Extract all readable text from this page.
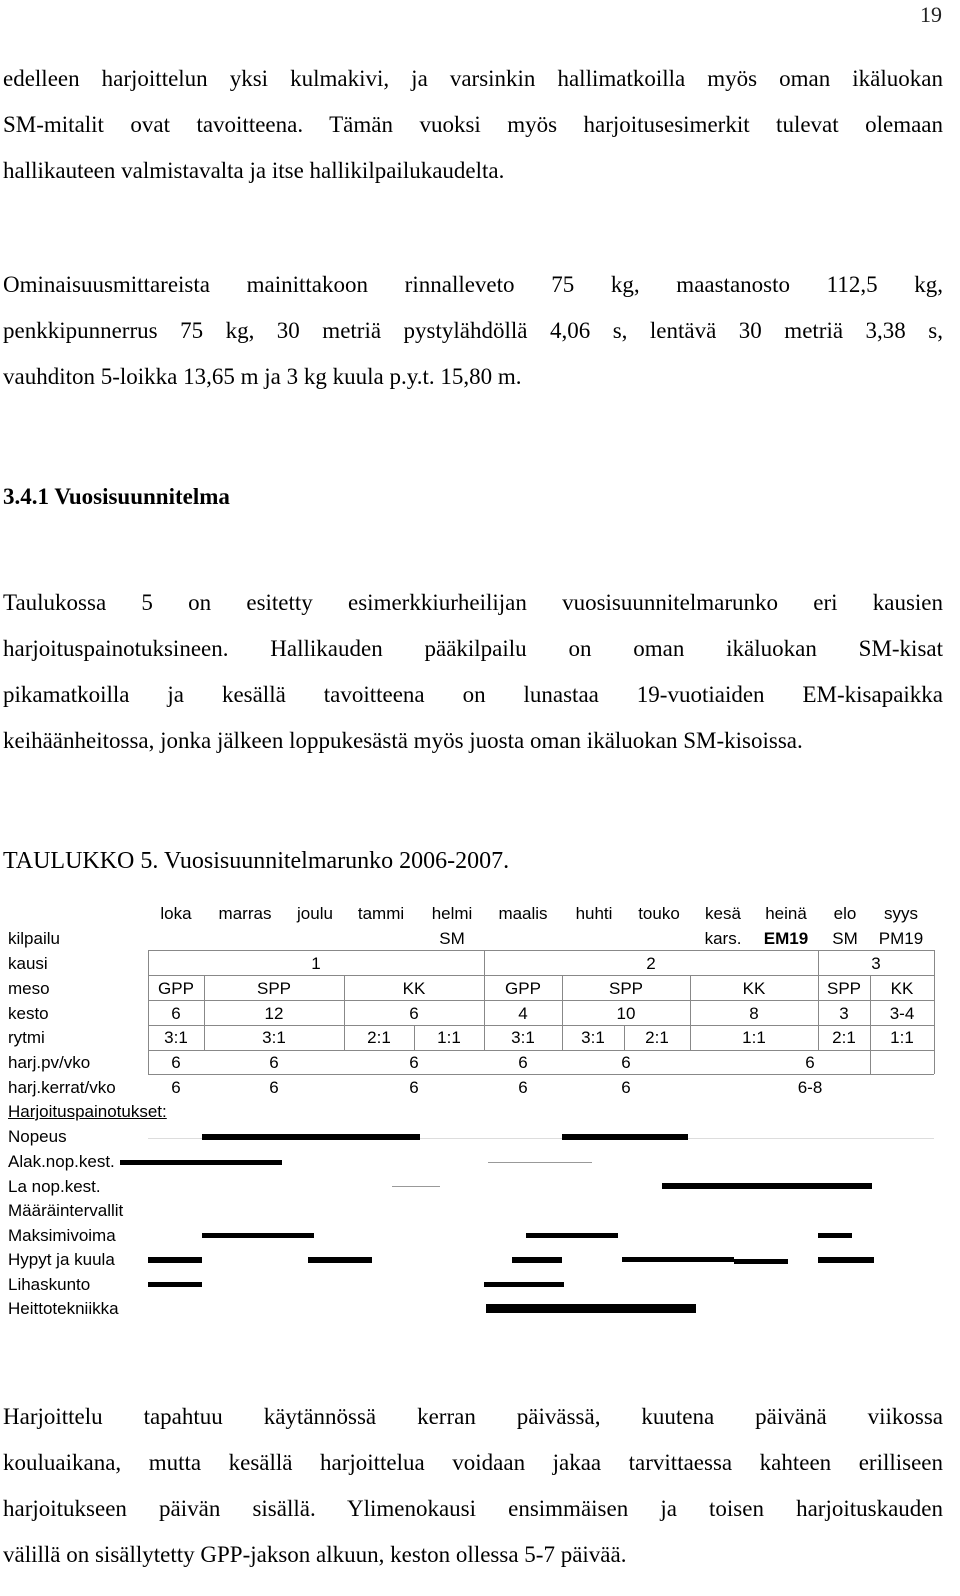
19
edelleen harjoittelun yksi kulmakivi, ja varsinkin hallimatkoilla myös oman ikäluokan
SM-mitalit ovat tavoitteena. Tämän vuoksi myös harjoitusesimerkit tulevat olemaan
hallikauteen valmistavalta ja itse hallikilpailukaudelta.
Ominaisuusmittareista mainittakoon rinnalleveto 75 kg, maastanosto 112,5 kg,
penkkipunnerrus 75 kg, 30 metriä pystylähdöllä 4,06 s, lentävä 30 metriä 3,38 s,
vauhditon 5-loikka 13,65 m ja 3 kg kuula p.y.t. 15,80 m.
3.4.1 Vuosisuunnitelma
Taulukossa 5 on esitetty esimerkkiurheilijan vuosisuunnitelmarunko eri kausien
harjoituspainotuksineen. Hallikauden pääkilpailu on oman ikäluokan SM-kisat
pikamatkoilla ja kesällä tavoitteena on lunastaa 19-vuotiaiden EM-kisapaikka
keihäänheitossa, jonka jälkeen loppukesästä myös juosta oman ikäluokan SM-kisoissa.
TAULUKKO 5. Vuosisuunnitelmarunko 2006-2007.
loka	marras	joulu	tammi	helmi	maalis	huhti	touko	kesä	heinä	elo	syys
kilpailu	SM	kars.	EM19	SM	PM19
kausi	1	2	3
meso	GPP	SPP	KK	GPP	SPP	KK	SPP	KK
kesto	6	12	6	4	10	8	3	3-4
rytmi	3:1	3:1	2:1	1:1	3:1	3:1	2:1	1:1	2:1	1:1
harj.pv/vko	6	6	6	6	6	6
harj.kerrat/vko	6	6	6	6	6	6-8
Harjoituspainotukset:
Nopeus
Alak.nop.kest.
La nop.kest.
Määräintervallit
Maksimivoima
Hypyt ja kuula
Lihaskunto
Heittotekniikka
Harjoittelu tapahtuu käytännössä kerran päivässä, kuutena päivänä viikossa
kouluaikana, mutta kesällä harjoittelua voidaan jakaa tarvittaessa kahteen erilliseen
harjoitukseen päivän sisällä. Ylimenokausi ensimmäisen ja toisen harjoituskauden
välillä on sisällytetty GPP-jakson alkuun, keston ollessa 5-7 päivää.
